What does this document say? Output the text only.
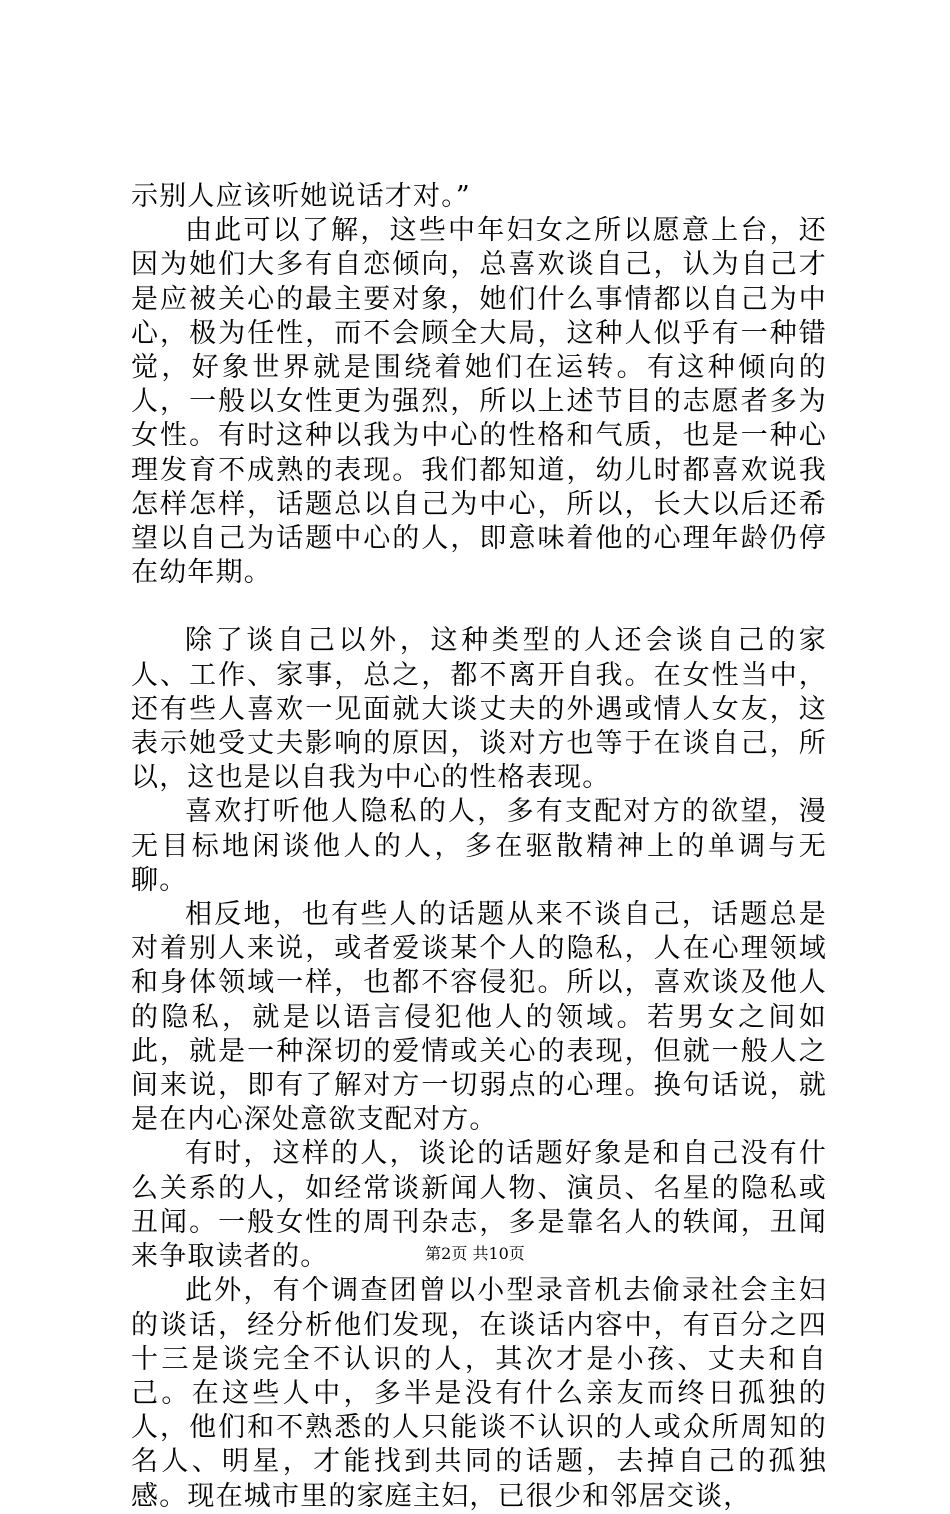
示别人应该听她说话才对。”

由此可以了解，这些中年妇女之所以愿意上台，还因为她们大多有自恋倾向，总喜欢谈自己，认为自己才是应被关心的最主要对象，她们什么事情都以自己为中心，极为任性，而不会顾全大局，这种人似乎有一种错觉，好象世界就是围绕着她们在运转。有这种倾向的人，一般以女性更为强烈，所以上述节目的志愿者多为女性。有时这种以我为中心的性格和气质，也是一种心理发育不成熟的表现。我们都知道，幼儿时都喜欢说我怎样怎样，话题总以自己为中心，所以，长大以后还希望以自己为话题中心的人，即意味着他的心理年龄仍停在幼年期。

除了谈自己以外，这种类型的人还会谈自己的家人、工作、家事，总之，都不离开自我。在女性当中，还有些人喜欢一见面就大谈丈夫的外遇或情人女友，这表示她受丈夫影响的原因，谈对方也等于在谈自己，所以，这也是以自我为中心的性格表现。

喜欢打听他人隐私的人，多有支配对方的欲望，漫无目标地闲谈他人的人，多在驱散精神上的单调与无聊。

相反地，也有些人的话题从来不谈自己，话题总是对着别人来说，或者爱谈某个人的隐私，人在心理领域和身体领域一样，也都不容侵犯。所以，喜欢谈及他人的隐私，就是以语言侵犯他人的领域。若男女之间如此，就是一种深切的爱情或关心的表现，但就一般人之间来说，即有了解对方一切弱点的心理。换句话说，就是在内心深处意欲支配对方。

有时，这样的人，谈论的话题好象是和自己没有什么关系的人，如经常谈新闻人物、演员、名星的隐私或丑闻。一般女性的周刊杂志，多是靠名人的轶闻，丑闻来争取读者的。

此外，有个调查团曾以小型录音机去偷录社会主妇的谈话，经分析他们发现，在谈话内容中，有百分之四十三是谈完全不认识的人，其次才是小孩、丈夫和自己。在这些人中，多半是没有什么亲友而终日孤独的人，他们和不熟悉的人只能谈不认识的人或众所周知的名人、明星，才能找到共同的话题，去掉自己的孤独感。现在城市里的家庭主妇，已很少和邻居交谈，

第2页 共10页
